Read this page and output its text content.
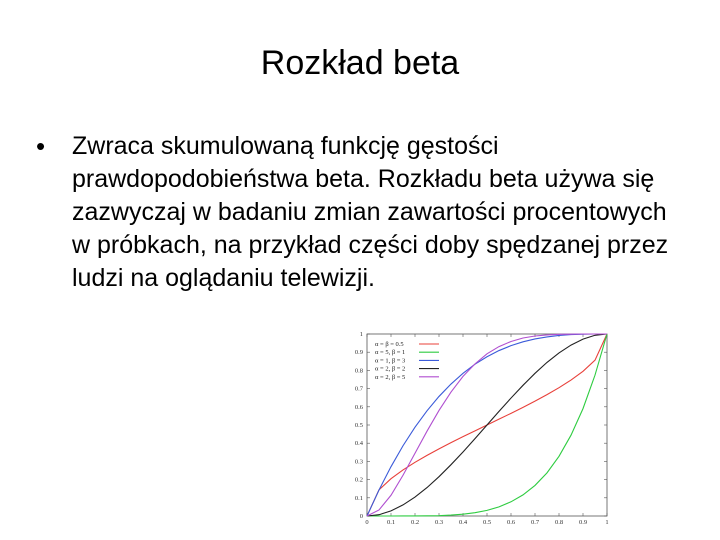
Rozkład beta
•	Zwraca skumulowaną funkcję gęstości prawdopodobieństwa beta. Rozkładu beta używa się zazwyczaj w badaniu zmian zawartości procentowych w próbkach, na przykład części doby spędzanej przez ludzi na oglądaniu telewizji.

0
0.1
0.2
0.3
0.4
0.5
0.6
0.7
0.8
0.9
1
0	0.1 0.2 0.3 0.4 0.5 0.6 0.7 0.8 0.9	1
α = β = 0.5
α = 5, β = 1
α = 1, β = 3
α = 2, β = 2
α = 2, β = 5
